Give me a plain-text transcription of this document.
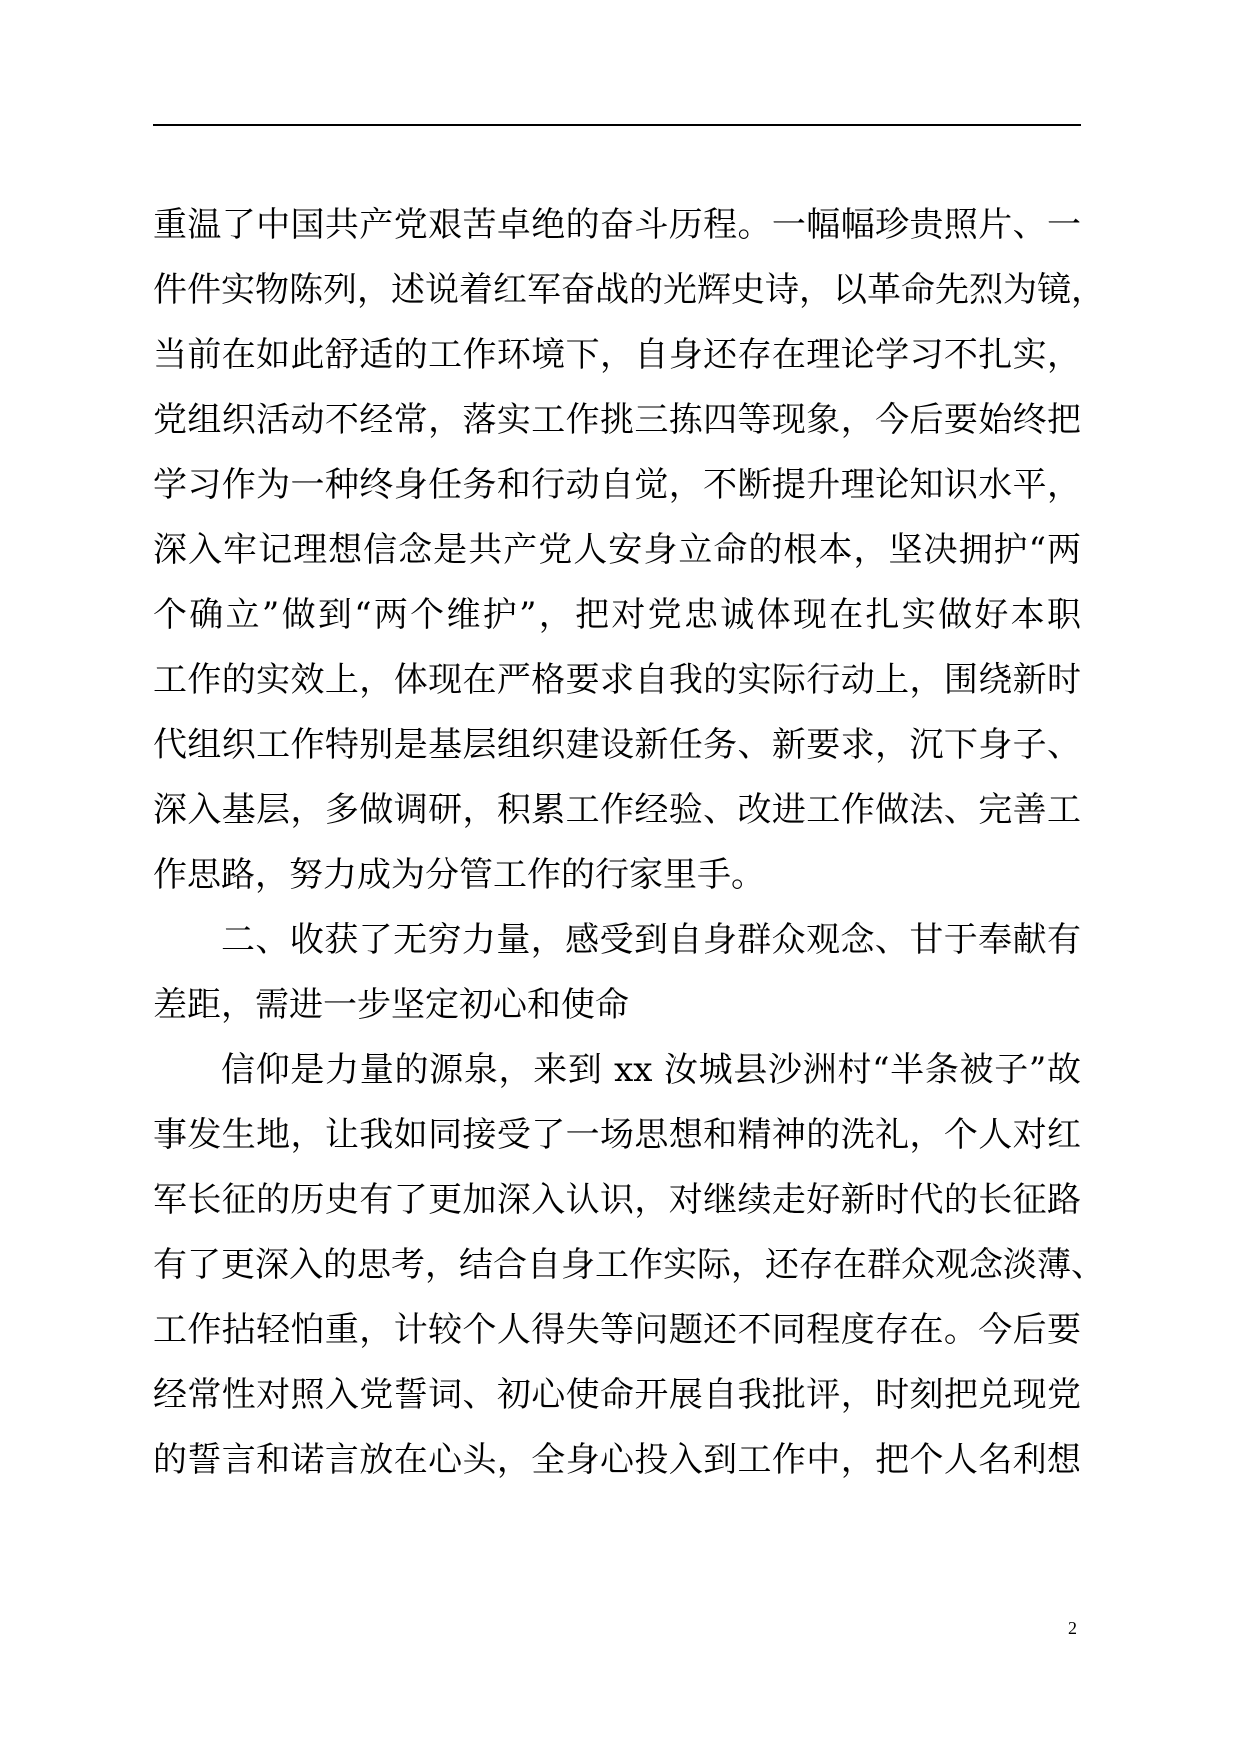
重温了中国共产党艰苦卓绝的奋斗历程。一幅幅珍贵照片、一
件件实物陈列，述说着红军奋战的光辉史诗，以革命先烈为镜，
当前在如此舒适的工作环境下，自身还存在理论学习不扎实，
党组织活动不经常，落实工作挑三拣四等现象，今后要始终把
学习作为一种终身任务和行动自觉，不断提升理论知识水平，
深入牢记理想信念是共产党人安身立命的根本，坚决拥护“两
个确立”做到“两个维护”，把对党忠诚体现在扎实做好本职
工作的实效上，体现在严格要求自我的实际行动上，围绕新时
代组织工作特别是基层组织建设新任务、新要求，沉下身子、
深入基层，多做调研，积累工作经验、改进工作做法、完善工
作思路，努力成为分管工作的行家里手。
二、收获了无穷力量，感受到自身群众观念、甘于奉献有
差距，需进一步坚定初心和使命
信仰是力量的源泉，来到 xx 汝城县沙洲村“半条被子”故
事发生地，让我如同接受了一场思想和精神的洗礼，个人对红
军长征的历史有了更加深入认识，对继续走好新时代的长征路
有了更深入的思考，结合自身工作实际，还存在群众观念淡薄、
工作拈轻怕重，计较个人得失等问题还不同程度存在。今后要
经常性对照入党誓词、初心使命开展自我批评，时刻把兑现党
的誓言和诺言放在心头，全身心投入到工作中，把个人名利想
2
